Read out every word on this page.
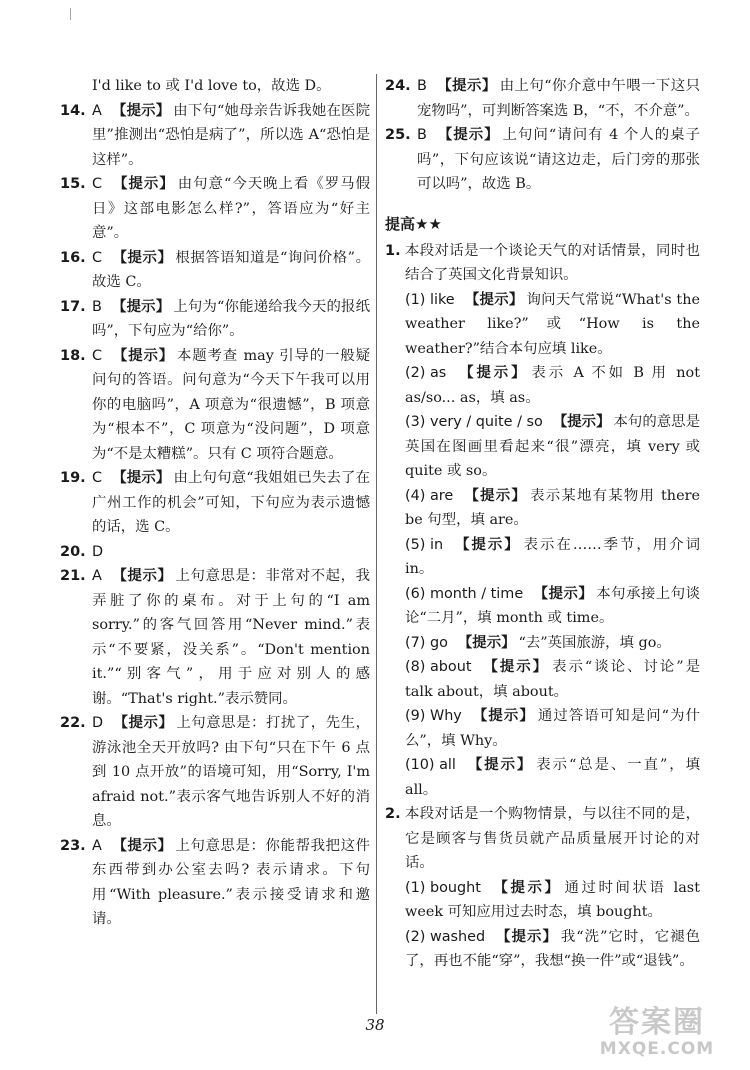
I'd like to 或 I'd love to，故选 D。
14. A 【提示】 由下句“她母亲告诉我她在医院里”推测出“恐怕是病了”，所以选 A“恐怕是这样”。
15. C 【提示】 由句意“今天晚上看《罗马假日》这部电影怎么样?”，答语应为“好主意”。
16. C 【提示】 根据答语知道是“询问价格”。故选 C。
17. B 【提示】 上句为“你能递给我今天的报纸吗”，下句应为“给你”。
18. C 【提示】 本题考查 may 引导的一般疑问句的答语。问句意为“今天下午我可以用你的电脑吗”，A 项意为“很遗憾”，B 项意为“根本不”，C 项意为“没问题”，D 项意为“不是太糟糕”。只有 C 项符合题意。
19. C 【提示】 由上句句意“我姐姐已失去了在广州工作的机会”可知，下句应为表示遗憾的话，选 C。
20. D
21. A 【提示】 上句意思是：非常对不起，我弄脏了你的桌布。对于上句的“I am sorry.”的客气回答用“Never mind.”表示“不要紧，没关系”。“Don't mention it.”“别客气”，用于应对别人的感谢。“That's right.”表示赞同。
22. D 【提示】 上句意思是：打扰了，先生，游泳池全天开放吗? 由下句“只在下午 6 点到 10 点开放”的语境可知，用“Sorry, I'm afraid not.”表示客气地告诉别人不好的消息。
23. A 【提示】 上句意思是：你能帮我把这件东西带到办公室去吗? 表示请求。下句用“With pleasure.”表示接受请求和邀请。
24. B 【提示】 由上句“你介意中午喂一下这只宠物吗”，可判断答案选 B，“不，不介意”。
25. B 【提示】 上句问“请问有 4 个人的桌子吗”，下句应该说“请这边走，后门旁的那张可以吗”，故选 B。
提高★★
1. 本段对话是一个谈论天气的对话情景，同时也结合了英国文化背景知识。
(1) like 【提示】 询问天气常说“What's the weather like?”或“How is the weather?”结合本句应填 like。
(2) as 【提示】 表示 A 不如 B 用 not as/so... as，填 as。
(3) very / quite / so 【提示】 本句的意思是英国在图画里看起来“很”漂亮，填 very 或 quite 或 so。
(4) are 【提示】 表示某地有某物用 there be 句型，填 are。
(5) in 【提示】 表示在……季节，用介词 in。
(6) month / time 【提示】 本句承接上句谈论“二月”，填 month 或 time。
(7) go 【提示】 “去”英国旅游，填 go。
(8) about 【提示】 表示“谈论、讨论”是 talk about，填 about。
(9) Why 【提示】 通过答语可知是问“为什么”，填 Why。
(10) all 【提示】 表示“总是、一直”，填 all。
2. 本段对话是一个购物情景，与以往不同的是，它是顾客与售货员就产品质量展开讨论的对话。
(1) bought 【提示】 通过时间状语 last week 可知应用过去时态，填 bought。
(2) washed 【提示】 我“洗”它时，它褪色了，再也不能“穿”，我想“换一件”或“退钱”。
38	答案圈
MXQE.COM
